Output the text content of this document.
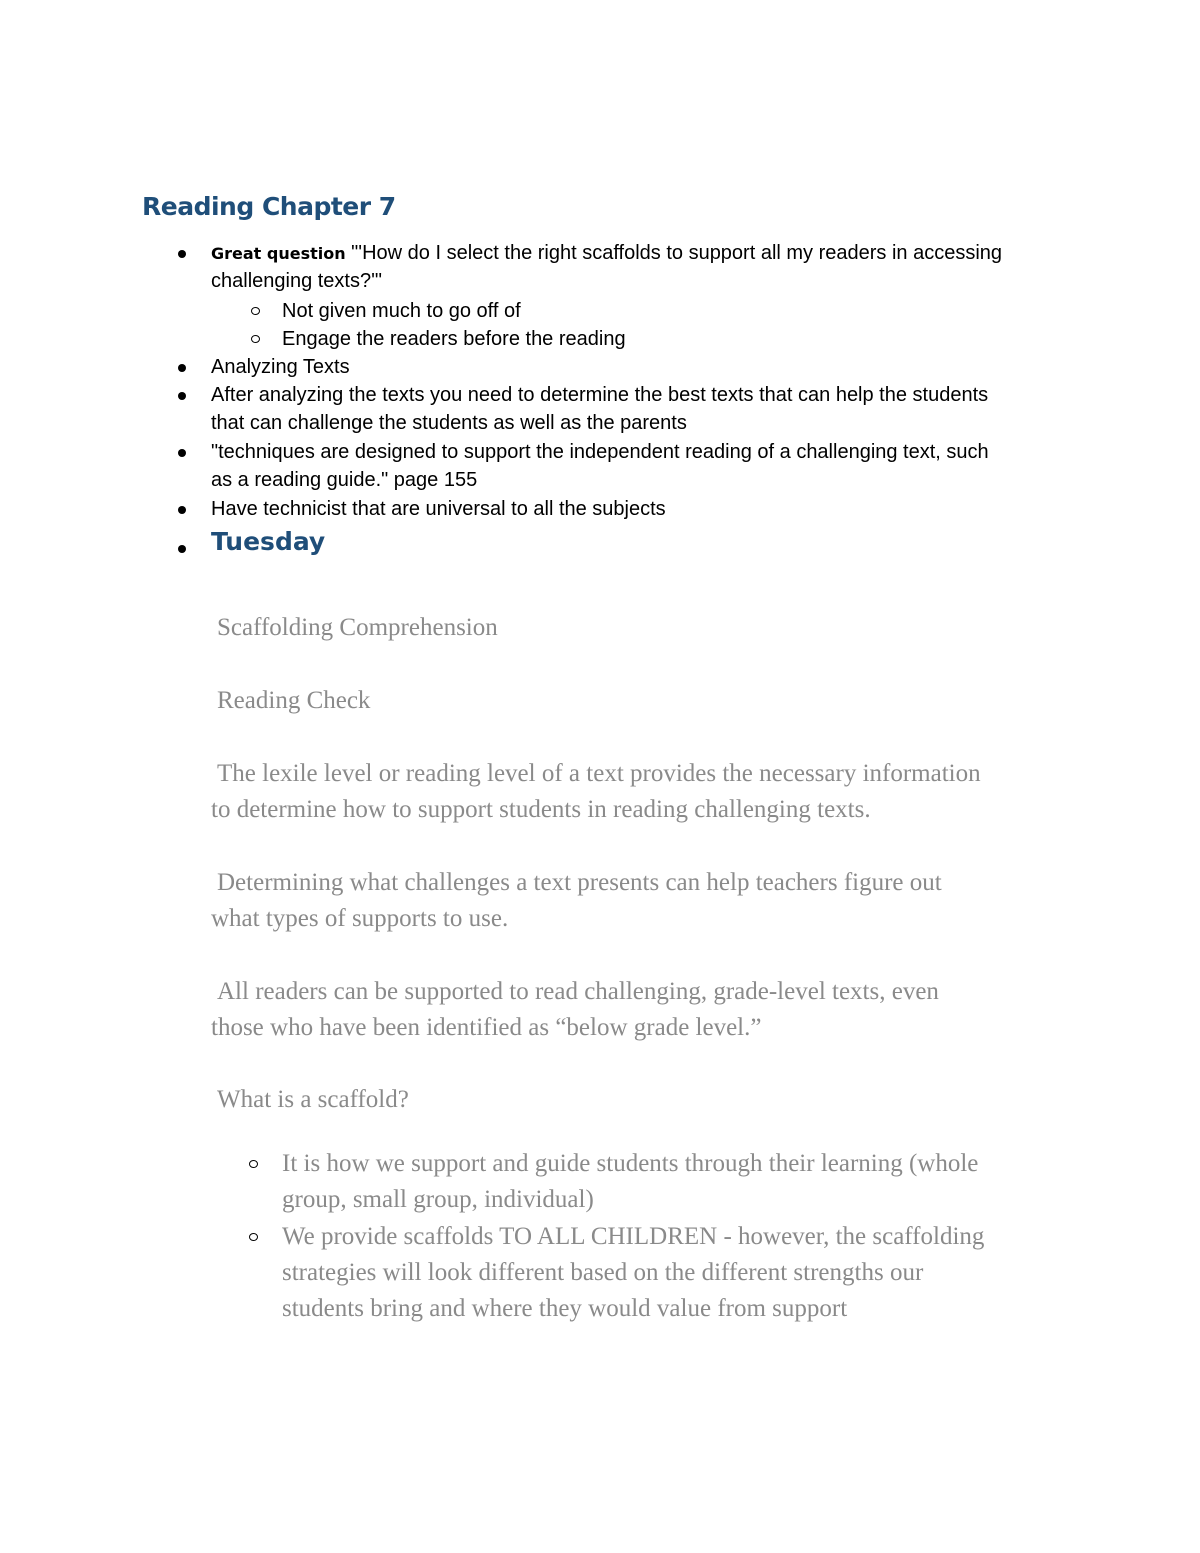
Reading Chapter 7
Great question "'How do I select the right scaffolds to support all my readers in accessing
challenging texts?'"
Not given much to go off of
Engage the readers before the reading
Analyzing Texts
After analyzing the texts you need to determine the best texts that can help the students
that can challenge the students as well as the parents
"techniques are designed to support the independent reading of a challenging text, such
as a reading guide." page 155
Have technicist that are universal to all the subjects
Tuesday
Scaffolding Comprehension
Reading Check
The lexile level or reading level of a text provides the necessary information
to determine how to support students in reading challenging texts.
Determining what challenges a text presents can help teachers figure out
what types of supports to use.
All readers can be supported to read challenging, grade-level texts, even
those who have been identified as “below grade level.”
What is a scaffold?
It is how we support and guide students through their learning (whole
group, small group, individual)
We provide scaffolds TO ALL CHILDREN - however, the scaffolding
strategies will look different based on the different strengths our
students bring and where they would value from support
